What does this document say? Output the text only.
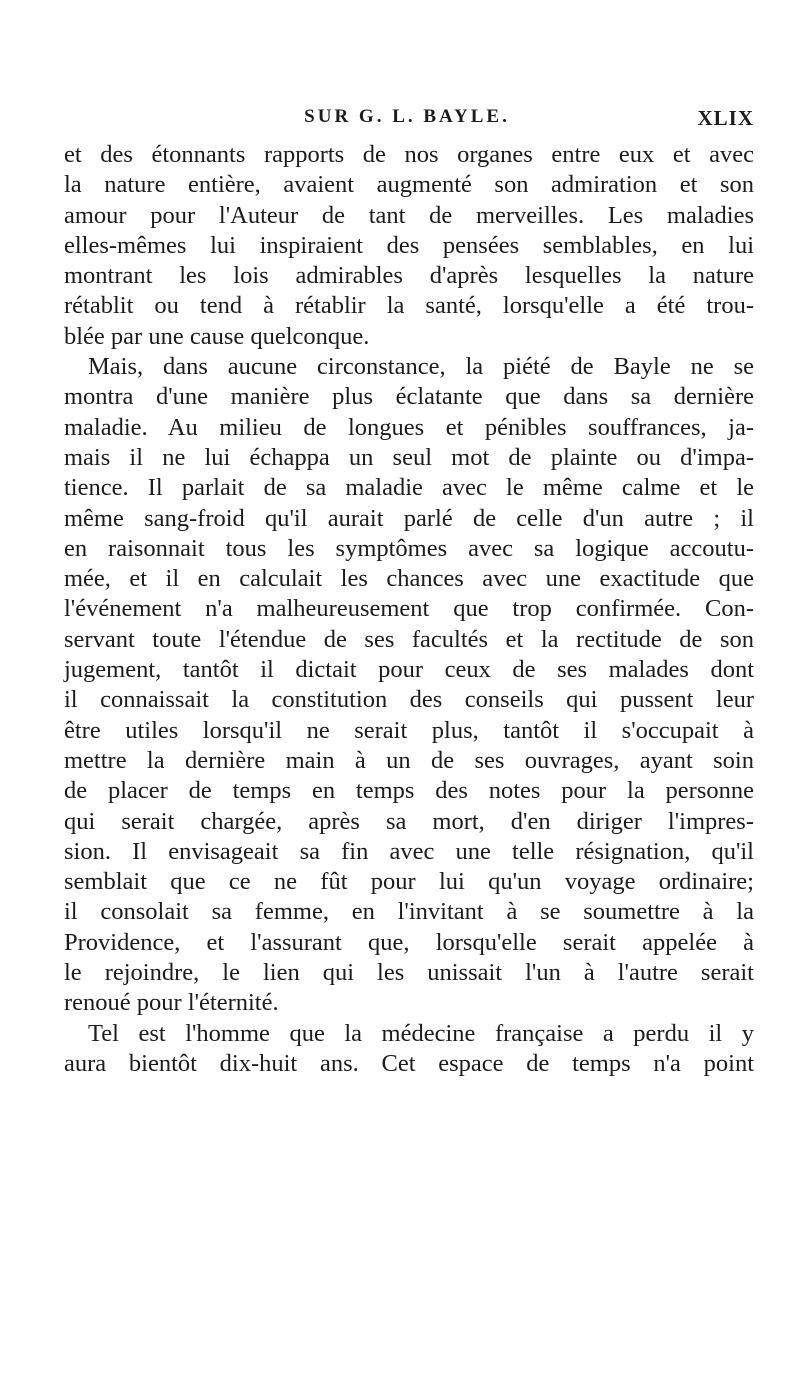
SUR G. L. BAYLE.	XLIX
et des étonnants rapports de nos organes entre eux et avec
la nature entière, avaient augmenté son admiration et son
amour pour l'Auteur de tant de merveilles. Les maladies
elles-mêmes lui inspiraient des pensées semblables, en lui
montrant les lois admirables d'après lesquelles la nature
rétablit ou tend à rétablir la santé, lorsqu'elle a été trou-
blée par une cause quelconque.
Mais, dans aucune circonstance, la piété de Bayle ne se
montra d'une manière plus éclatante que dans sa dernière
maladie. Au milieu de longues et pénibles souffrances, ja-
mais il ne lui échappa un seul mot de plainte ou d'impa-
tience. Il parlait de sa maladie avec le même calme et le
même sang-froid qu'il aurait parlé de celle d'un autre ; il
en raisonnait tous les symptômes avec sa logique accoutu-
mée, et il en calculait les chances avec une exactitude que
l'événement n'a malheureusement que trop confirmée. Con-
servant toute l'étendue de ses facultés et la rectitude de son
jugement, tantôt il dictait pour ceux de ses malades dont
il connaissait la constitution des conseils qui pussent leur
être utiles lorsqu'il ne serait plus, tantôt il s'occupait à
mettre la dernière main à un de ses ouvrages, ayant soin
de placer de temps en temps des notes pour la personne
qui serait chargée, après sa mort, d'en diriger l'impres-
sion. Il envisageait sa fin avec une telle résignation, qu'il
semblait que ce ne fût pour lui qu'un voyage ordinaire;
il consolait sa femme, en l'invitant à se soumettre à la
Providence, et l'assurant que, lorsqu'elle serait appelée à
le rejoindre, le lien qui les unissait l'un à l'autre serait
renoué pour l'éternité.
Tel est l'homme que la médecine française a perdu il y
aura bientôt dix-huit ans. Cet espace de temps n'a point
